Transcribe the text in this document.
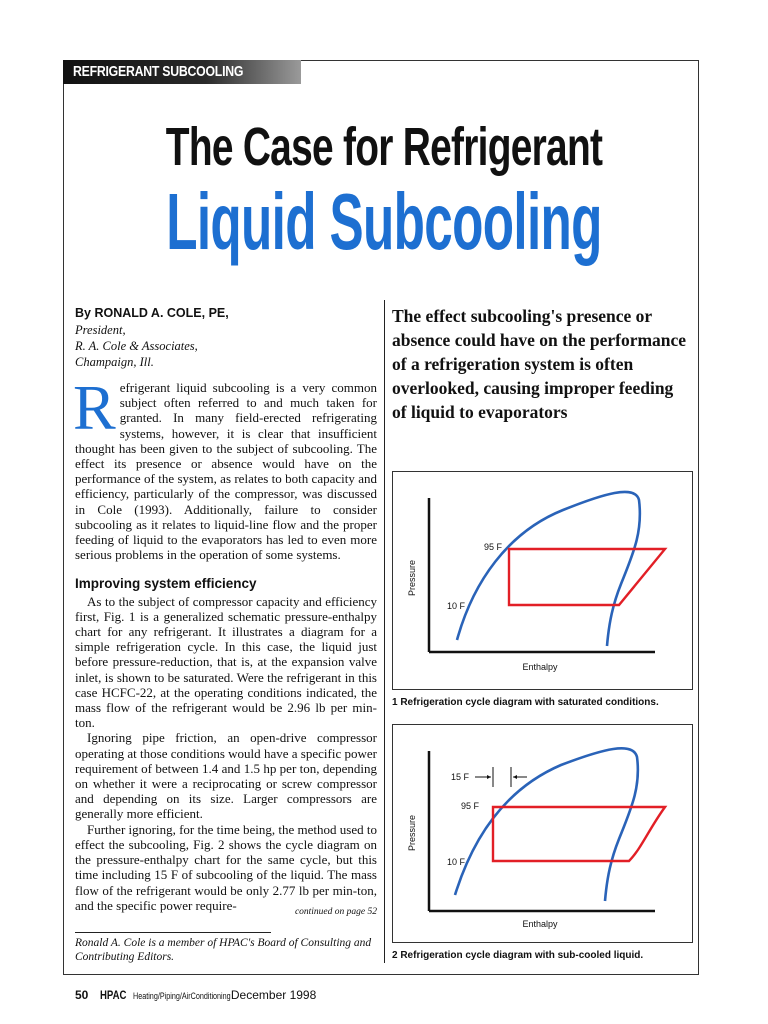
REFRIGERANT SUBCOOLING
The Case for Refrigerant
Liquid Subcooling
By RONALD A. COLE, PE,
President,
R. A. Cole & Associates,
Champaign, Ill.

Refrigerant liquid subcooling is a very common subject often referred to and much taken for granted. In many field-erected refrigerating systems, however, it is clear that insufficient thought has been given to the subject of subcooling. The effect its presence or absence would have on the performance of the system, as relates to both capacity and efficiency, particularly of the compressor, was discussed in Cole (1993). Additionally, failure to consider subcooling as it relates to liquid-line flow and the proper feeding of liquid to the evaporators has led to even more serious problems in the operation of some systems.

Improving system efficiency

As to the subject of compressor capacity and efficiency first, Fig. 1 is a generalized schematic pressure-enthalpy chart for any refrigerant. It illustrates a diagram for a simple refrigeration cycle. In this case, the liquid just before pressure-reduction, that is, at the expansion valve inlet, is shown to be saturated. Were the refrigerant in this case HCFC-22, at the operating conditions indicated, the mass flow of the refrigerant would be 2.96 lb per min-ton.

Ignoring pipe friction, an open-drive compressor operating at those conditions would have a specific power requirement of between 1.4 and 1.5 hp per ton, depending on whether it were a reciprocating or screw compressor and depending on its size. Larger compressors are generally more efficient.

Further ignoring, for the time being, the method used to effect the subcooling, Fig. 2 shows the cycle diagram on the pressure-enthalpy chart for the same cycle, but this time including 15 F of subcooling of the liquid. The mass flow of the refrigerant would be only 2.77 lb per min-ton, and the specific power require-	continued on page 52
Ronald A. Cole is a member of HPAC's Board of Consulting and Contributing Editors.
The effect subcooling's presence or absence could have on the performance of a refrigeration system is often overlooked, causing improper feeding of liquid to evaporators
Pressure
Enthalpy
95 F
10 F
1 Refrigeration cycle diagram with saturated conditions.
15 F
95 F
10 F
Pressure
Enthalpy
2 Refrigeration cycle diagram with sub-cooled liquid.
50 HPAC Heating/Piping/AirConditioning December 1998
